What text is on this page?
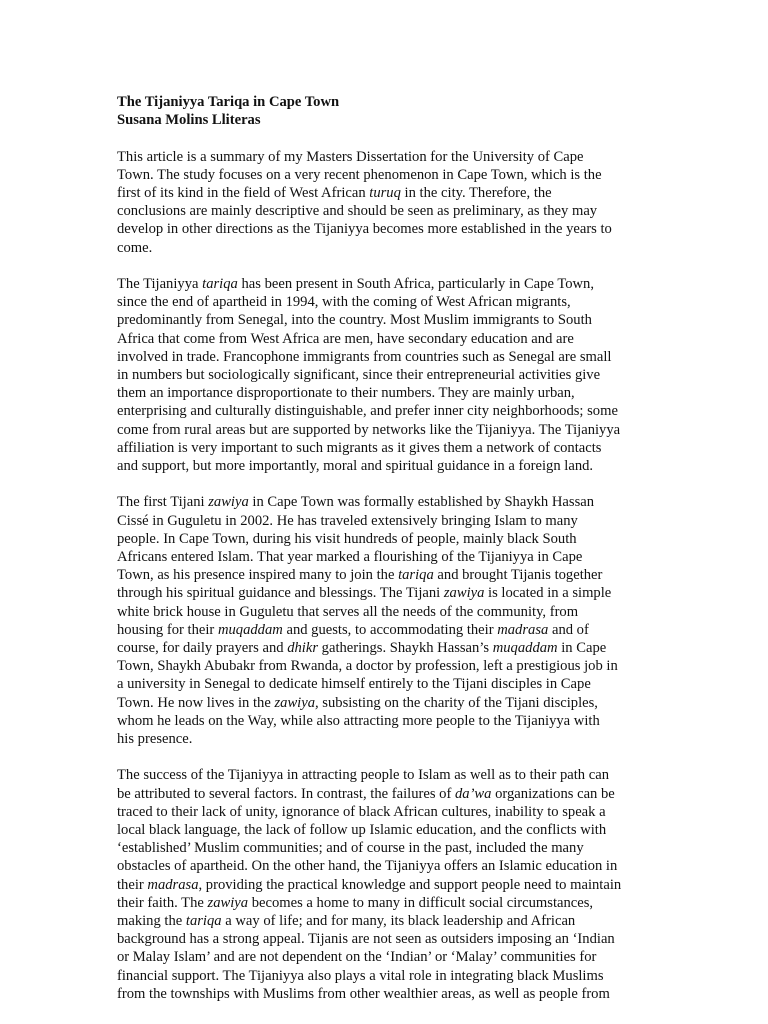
The Tijaniyya Tariqa in Cape Town
Susana Molins Lliteras

This article is a summary of my Masters Dissertation for the University of Cape
Town. The study focuses on a very recent phenomenon in Cape Town, which is the
first of its kind in the field of West African turuq in the city. Therefore, the
conclusions are mainly descriptive and should be seen as preliminary, as they may
develop in other directions as the Tijaniyya becomes more established in the years to
come.

The Tijaniyya tariqa has been present in South Africa, particularly in Cape Town,
since the end of apartheid in 1994, with the coming of West African migrants,
predominantly from Senegal, into the country. Most Muslim immigrants to South
Africa that come from West Africa are men, have secondary education and are
involved in trade. Francophone immigrants from countries such as Senegal are small
in numbers but sociologically significant, since their entrepreneurial activities give
them an importance disproportionate to their numbers. They are mainly urban,
enterprising and culturally distinguishable, and prefer inner city neighborhoods; some
come from rural areas but are supported by networks like the Tijaniyya. The Tijaniyya
affiliation is very important to such migrants as it gives them a network of contacts
and support, but more importantly, moral and spiritual guidance in a foreign land.

The first Tijani zawiya in Cape Town was formally established by Shaykh Hassan
Cissé in Guguletu in 2002. He has traveled extensively bringing Islam to many
people. In Cape Town, during his visit hundreds of people, mainly black South
Africans entered Islam. That year marked a flourishing of the Tijaniyya in Cape
Town, as his presence inspired many to join the tariqa and brought Tijanis together
through his spiritual guidance and blessings. The Tijani zawiya is located in a simple
white brick house in Guguletu that serves all the needs of the community, from
housing for their muqaddam and guests, to accommodating their madrasa and of
course, for daily prayers and dhikr gatherings. Shaykh Hassan’s muqaddam in Cape
Town, Shaykh Abubakr from Rwanda, a doctor by profession, left a prestigious job in
a university in Senegal to dedicate himself entirely to the Tijani disciples in Cape
Town. He now lives in the zawiya, subsisting on the charity of the Tijani disciples,
whom he leads on the Way, while also attracting more people to the Tijaniyya with
his presence.

The success of the Tijaniyya in attracting people to Islam as well as to their path can
be attributed to several factors. In contrast, the failures of da’wa organizations can be
traced to their lack of unity, ignorance of black African cultures, inability to speak a
local black language, the lack of follow up Islamic education, and the conflicts with
‘established’ Muslim communities; and of course in the past, included the many
obstacles of apartheid. On the other hand, the Tijaniyya offers an Islamic education in
their madrasa, providing the practical knowledge and support people need to maintain
their faith. The zawiya becomes a home to many in difficult social circumstances,
making the tariqa a way of life; and for many, its black leadership and African
background has a strong appeal. Tijanis are not seen as outsiders imposing an ‘Indian
or Malay Islam’ and are not dependent on the ‘Indian’ or ‘Malay’ communities for
financial support. The Tijaniyya also plays a vital role in integrating black Muslims
from the townships with Muslims from other wealthier areas, as well as people from
